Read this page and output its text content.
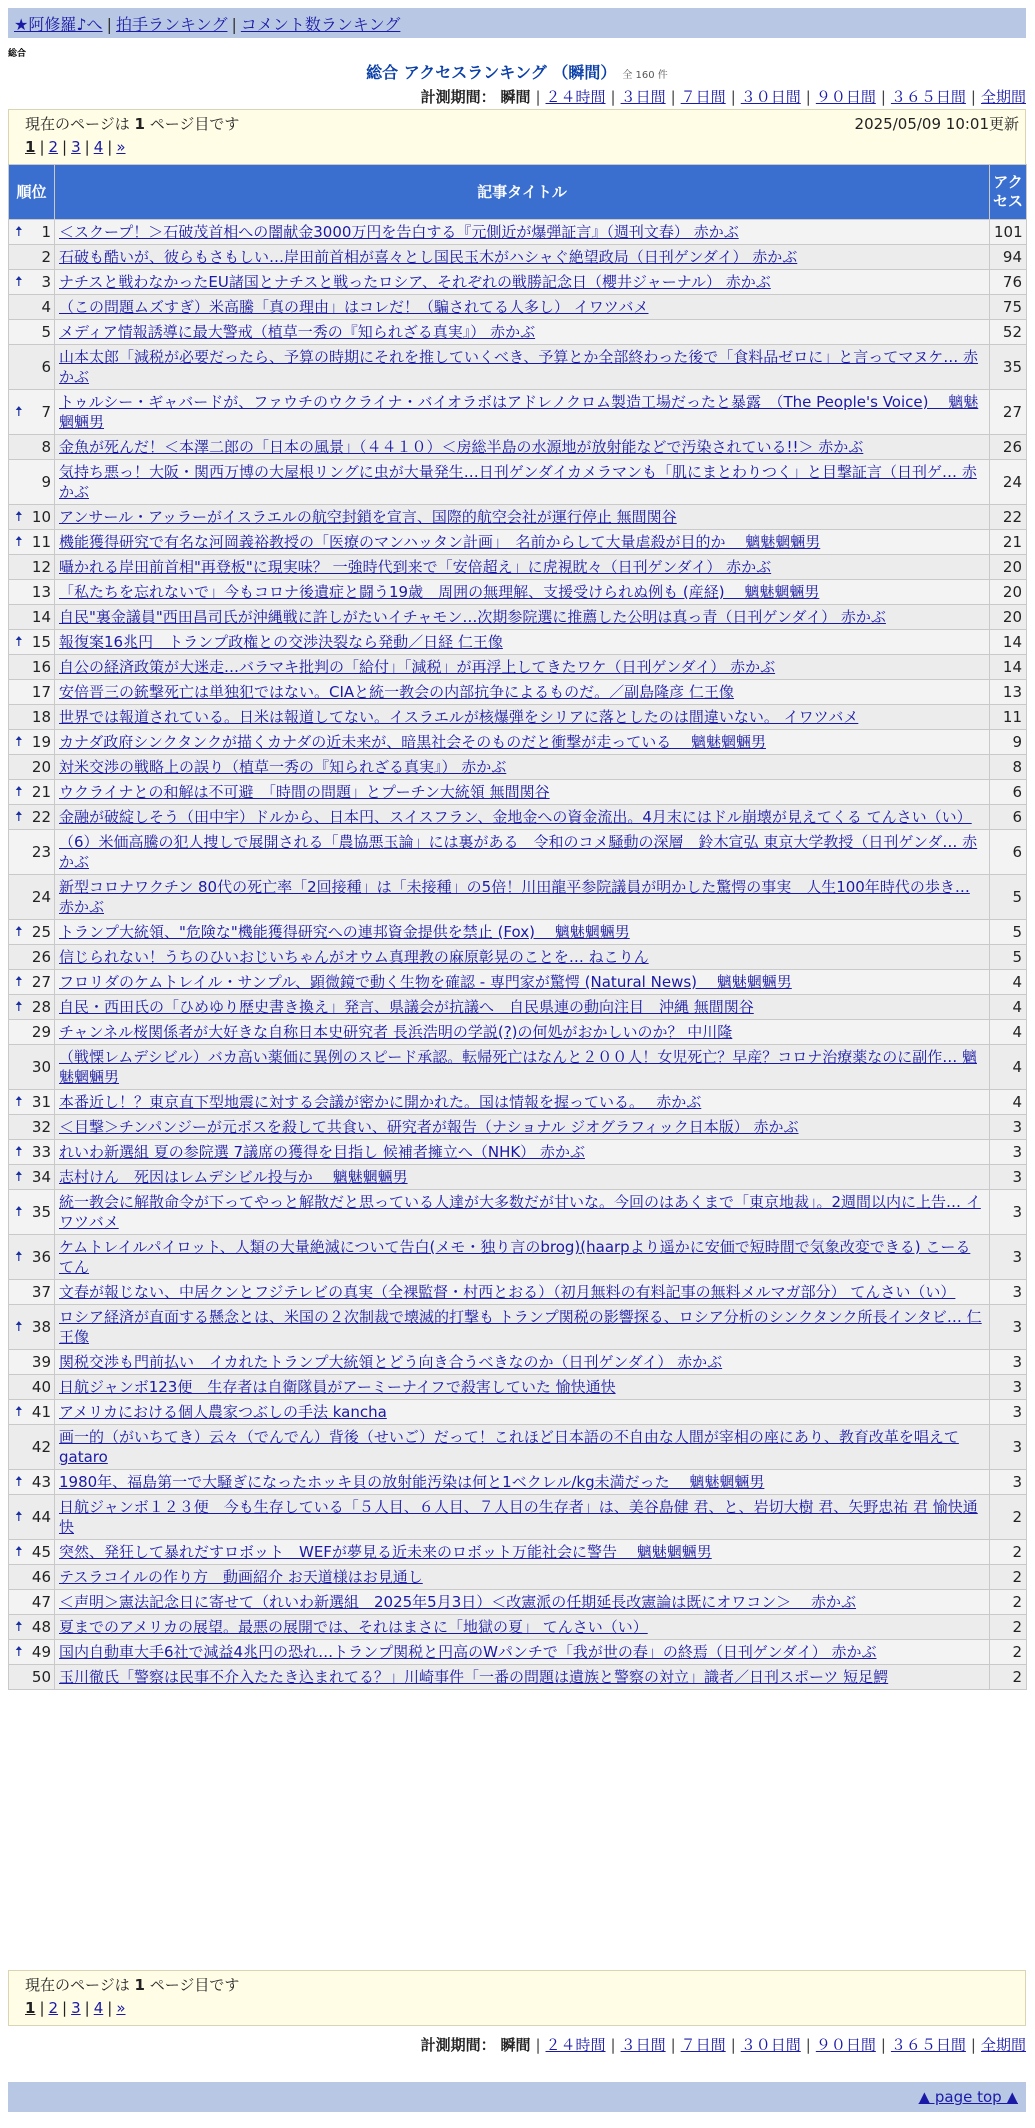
★阿修羅♪へ | 拍手ランキング | コメント数ランキング
総合
総合 アクセスランキング （瞬間） 全 160 件
計測期間： 瞬間 | ２４時間 | ３日間 | ７日間 | ３０日間 | ９０日間 | ３６５日間 | 全期間
現在のページは 1 ページ目です	2025/05/09 10:01更新
1 | 2 | 3 | 4 | »
順位	記事タイトル	アクセス

🠅 1	＜スクープ！＞石破茂首相への闇献金3000万円を告白する『元側近が爆弾証言』（週刊文春） 赤かぶ	101
2	石破も酷いが、彼らもさもしい…岸田前首相が喜々とし国民玉木がハシャぐ絶望政局（日刊ゲンダイ） 赤かぶ	94

🠅 3	ナチスと戦わなかったEU諸国とナチスと戦ったロシア、それぞれの戦勝記念日（櫻井ジャーナル） 赤かぶ	76
4	（この問題ムズすぎ）米高騰「真の理由」はコレだ！（騙されてる人多し） イワツバメ	75
5	メディア情報誘導に最大警戒（植草一秀の『知られざる真実』） 赤かぶ	52
6	山本太郎「減税が必要だったら、予算の時期にそれを推していくべき、予算とか全部終わった後で「食料品ゼロに」と言ってマヌケ… 赤かぶ	35

🠅 7	トゥルシー・ギャバードが、ファウチのウクライナ・バイオラボはアドレノクロム製造工場だったと暴露　（The People's Voice)　 魑魅魍魎男	27
8	金魚が死んだ！＜本澤二郎の「日本の風景」（４４１０）＜房総半島の水源地が放射能などで汚染されている!!＞ 赤かぶ	26
9	気持ち悪っ！大阪・関西万博の大屋根リングに虫が大量発生…日刊ゲンダイカメラマンも「肌にまとわりつく」と目撃証言（日刊ゲ… 赤かぶ	24

🠅 10	アンサール・アッラーがイスラエルの航空封鎖を宣言、国際的航空会社が運行停止 無間関谷	22

🠅 11	機能獲得研究で有名な河岡義裕教授の「医療のマンハッタン計画」　名前からして大量虐殺が目的か　 魑魅魍魎男	21
12	囁かれる岸田前首相"再登板"に現実味？ 一強時代到来で「安倍超え」に虎視眈々（日刊ゲンダイ） 赤かぶ	20
13	「私たちを忘れないで」今もコロナ後遺症と闘う19歳　周囲の無理解、支援受けられぬ例も (産経)　 魑魅魍魎男	20
14	自民"裏金議員"西田昌司氏が沖縄戦に許しがたいイチャモン…次期参院選に推薦した公明は真っ青（日刊ゲンダイ） 赤かぶ	20

🠅 15	報復案16兆円　トランプ政権との交渉決裂なら発動／日経 仁王像	14
16	自公の経済政策が大迷走…バラマキ批判の「給付」「減税」が再浮上してきたワケ（日刊ゲンダイ） 赤かぶ	14
17	安倍晋三の銃撃死亡は単独犯ではない。CIAと統一教会の内部抗争によるものだ。／副島隆彦 仁王像	13
18	世界では報道されている。日米は報道してない。イスラエルが核爆弾をシリアに落としたのは間違いない。 イワツバメ	11

🠅 19	カナダ政府シンクタンクが描くカナダの近未来が、暗黒社会そのものだと衝撃が走っている　 魑魅魍魎男	9
20	対米交渉の戦略上の誤り（植草一秀の『知られざる真実』） 赤かぶ	8

🠅 21	ウクライナとの和解は不可避　「時間の問題」とプーチン大統領 無間関谷	6

🠅 22	金融が破綻しそう（田中宇）ドルから、日本円、スイスフラン、金地金への資金流出。4月末にはドル崩壊が見えてくる てんさい（い）	6
23	（6）米価高騰の犯人捜しで展開される「農協悪玉論」には裏がある　令和のコメ騒動の深層　鈴木宣弘 東京大学教授（日刊ゲンダ… 赤かぶ	6
24	新型コロナワクチン 80代の死亡率「2回接種」は「未接種」の5倍！川田龍平参院議員が明かした驚愕の事実　人生100年時代の歩き… 赤かぶ	5

🠅 25	トランプ大統領、"危険な"機能獲得研究への連邦資金提供を禁止 (Fox)　 魑魅魍魎男	5
26	信じられない！うちのひいおじいちゃんがオウム真理教の麻原彰晃のことを… ねこりん	5

🠅 27	フロリダのケムトレイル・サンプル、顕微鏡で動く生物を確認 - 専門家が驚愕 (Natural News)　 魑魅魍魎男	4

🠅 28	自民・西田氏の「ひめゆり歴史書き換え」発言、県議会が抗議へ　自民県連の動向注目　沖縄 無間関谷	4
29	チャンネル桜関係者が大好きな自称日本史研究者 長浜浩明の学説(?)の何処がおかしいのか？ 中川隆	4
30	（戦慄レムデシビル）バカ高い薬価に異例のスピード承認。転帰死亡はなんと２００人！女児死亡？早産？コロナ治療薬なのに副作… 魑魅魍魎男	4

🠅 31	本番近し！？東京直下型地震に対する会議が密かに開かれた。国は情報を握っている。　 赤かぶ	4
32	＜目撃＞チンパンジーが元ボスを殺して共食い、研究者が報告（ナショナル ジオグラフィック日本版） 赤かぶ	3

🠅 33	れいわ新選組 夏の参院選 7議席の獲得を目指し 候補者擁立へ（NHK） 赤かぶ	3

🠅 34	志村けん　死因はレムデシビル投与か　 魑魅魍魎男	3

🠅 35	統一教会に解散命令が下ってやっと解散だと思っている人達が大多数だが甘いな。今回のはあくまで「東京地裁」。2週間以内に上告… イワツバメ	3

🠅 36	ケムトレイルパイロット、人類の大量絶滅について告白(メモ・独り言のbrog)(haarpより遥かに安価で短時間で気象改変できる) こーるてん	3
37	文春が報じない、中居クンとフジテレビの真実（全裸監督・村西とおる）（初月無料の有料記事の無料メルマガ部分） てんさい（い）	3

🠅 38	ロシア経済が直面する懸念とは、米国の２次制裁で壊滅的打撃も トランプ関税の影響探る、ロシア分析のシンクタンク所長インタビ… 仁王像	3
39	関税交渉も門前払い　イカれたトランプ大統領とどう向き合うべきなのか（日刊ゲンダイ） 赤かぶ	3
40	日航ジャンボ123便　生存者は自衛隊員がアーミーナイフで殺害していた 愉快通快	3

🠅 41	アメリカにおける個人農家つぶしの手法 kancha	3
42	画一的（がいちてき）云々（でんでん）背後（せいご）だって！これほど日本語の不自由な人間が宰相の座にあり、教育改革を唱えて gataro	3

🠅 43	1980年、福島第一で大騒ぎになったホッキ貝の放射能汚染は何と1ベクレル/kg未満だった　 魑魅魍魎男	3

🠅 44	日航ジャンボ１２３便　今も生存している「５人目、６人目、７人目の生存者」は、美谷島健 君、と、岩切大樹 君、矢野忠祐 君 愉快通快	2

🠅 45	突然、発狂して暴れだすロボット　WEFが夢見る近未来のロボット万能社会に警告　 魑魅魍魎男	2
46	テスラコイルの作り方　動画紹介 お天道様はお見通し	2
47	＜声明＞憲法記念日に寄せて（れいわ新選組　2025年5月3日）＜改憲派の任期延長改憲論は既にオワコン＞　 赤かぶ	2

🠅 48	夏までのアメリカの展望。最悪の展開では、それはまさに「地獄の夏」 てんさい（い）	2

🠅 49	国内自動車大手6社で減益4兆円の恐れ…トランプ関税と円高のWパンチで「我が世の春」の終焉（日刊ゲンダイ） 赤かぶ	2
50	玉川徹氏「警察は民事不介入たたき込まれてる？」川崎事件「一番の問題は遺族と警察の対立」識者／日刊スポーツ 短足鰐	2
現在のページは 1 ページ目です
1 | 2 | 3 | 4 | »
計測期間： 瞬間 | ２４時間 | ３日間 | ７日間 | ３０日間 | ９０日間 | ３６５日間 | 全期間
▲ page top ▲
